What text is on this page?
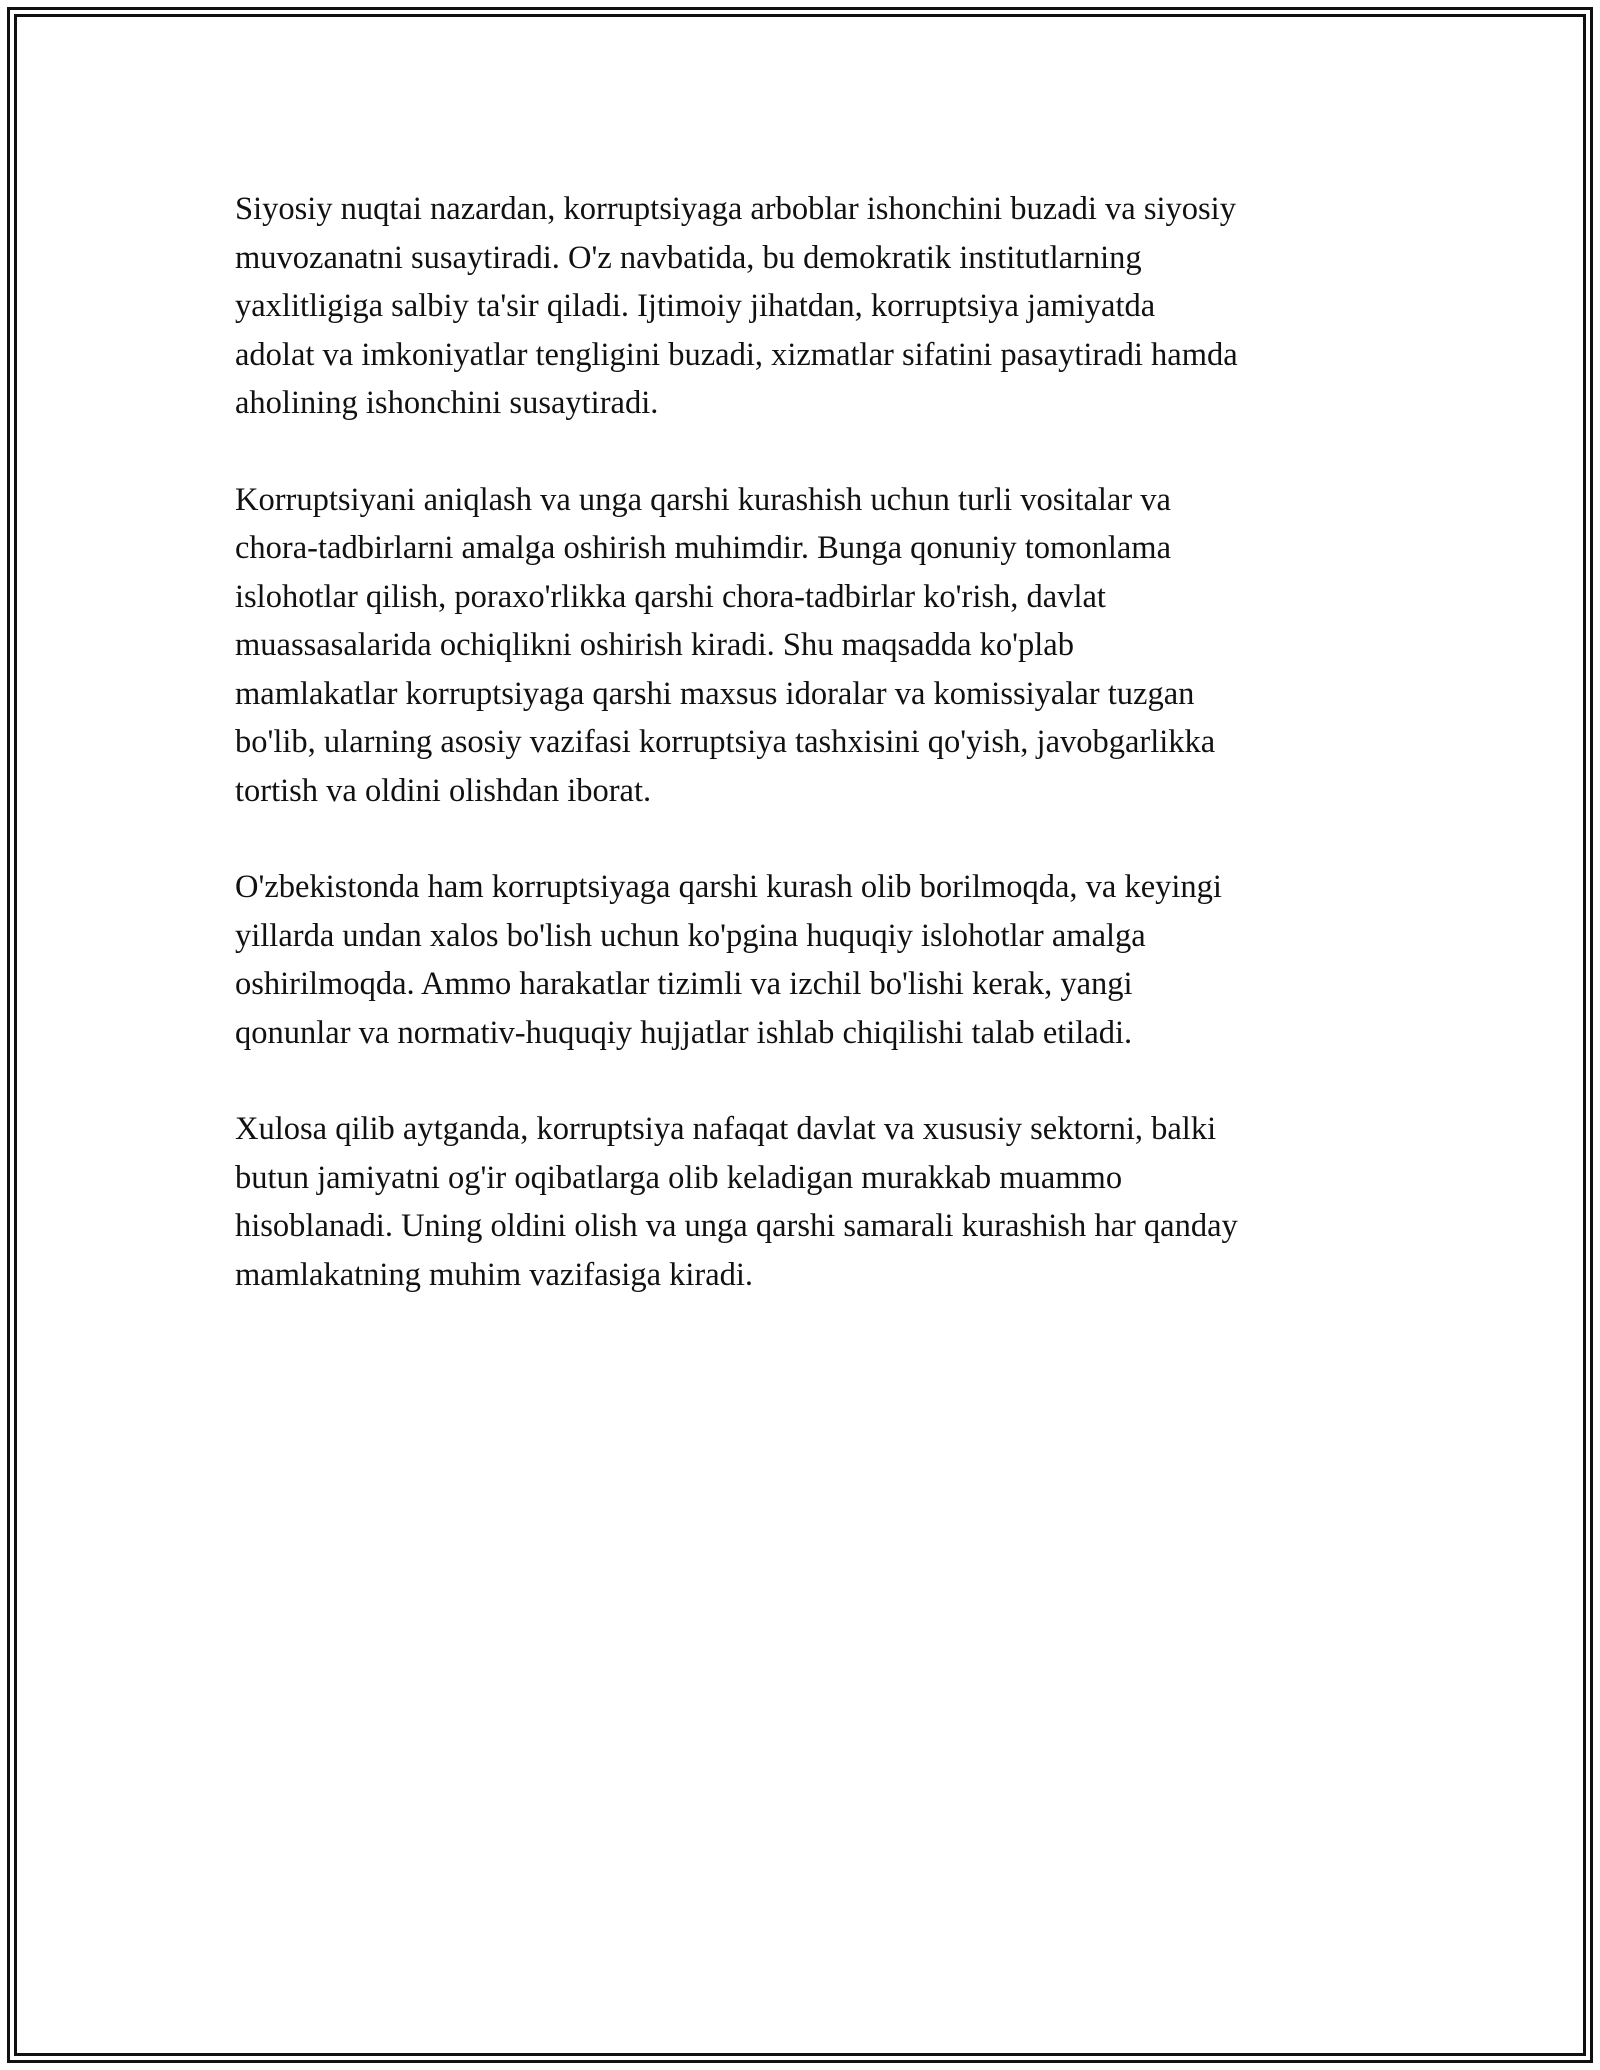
Siyosiy nuqtai nazardan, korruptsiyaga arboblar ishonchini buzadi va siyosiy
muvozanatni susaytiradi. O'z navbatida, bu demokratik institutlarning
yaxlitligiga salbiy ta'sir qiladi. Ijtimoiy jihatdan, korruptsiya jamiyatda
adolat va imkoniyatlar tengligini buzadi, xizmatlar sifatini pasaytiradi hamda
aholining ishonchini susaytiradi.

Korruptsiyani aniqlash va unga qarshi kurashish uchun turli vositalar va
chora-tadbirlarni amalga oshirish muhimdir. Bunga qonuniy tomonlama
islohotlar qilish, poraxo'rlikka qarshi chora-tadbirlar ko'rish, davlat
muassasalarida ochiqlikni oshirish kiradi. Shu maqsadda ko'plab
mamlakatlar korruptsiyaga qarshi maxsus idoralar va komissiyalar tuzgan
bo'lib, ularning asosiy vazifasi korruptsiya tashxisini qo'yish, javobgarlikka
tortish va oldini olishdan iborat.

O'zbekistonda ham korruptsiyaga qarshi kurash olib borilmoqda, va keyingi
yillarda undan xalos bo'lish uchun ko'pgina huquqiy islohotlar amalga
oshirilmoqda. Ammo harakatlar tizimli va izchil bo'lishi kerak, yangi
qonunlar va normativ-huquqiy hujjatlar ishlab chiqilishi talab etiladi.

Xulosa qilib aytganda, korruptsiya nafaqat davlat va xususiy sektorni, balki
butun jamiyatni og'ir oqibatlarga olib keladigan murakkab muammo
hisoblanadi. Uning oldini olish va unga qarshi samarali kurashish har qanday
mamlakatning muhim vazifasiga kiradi.
